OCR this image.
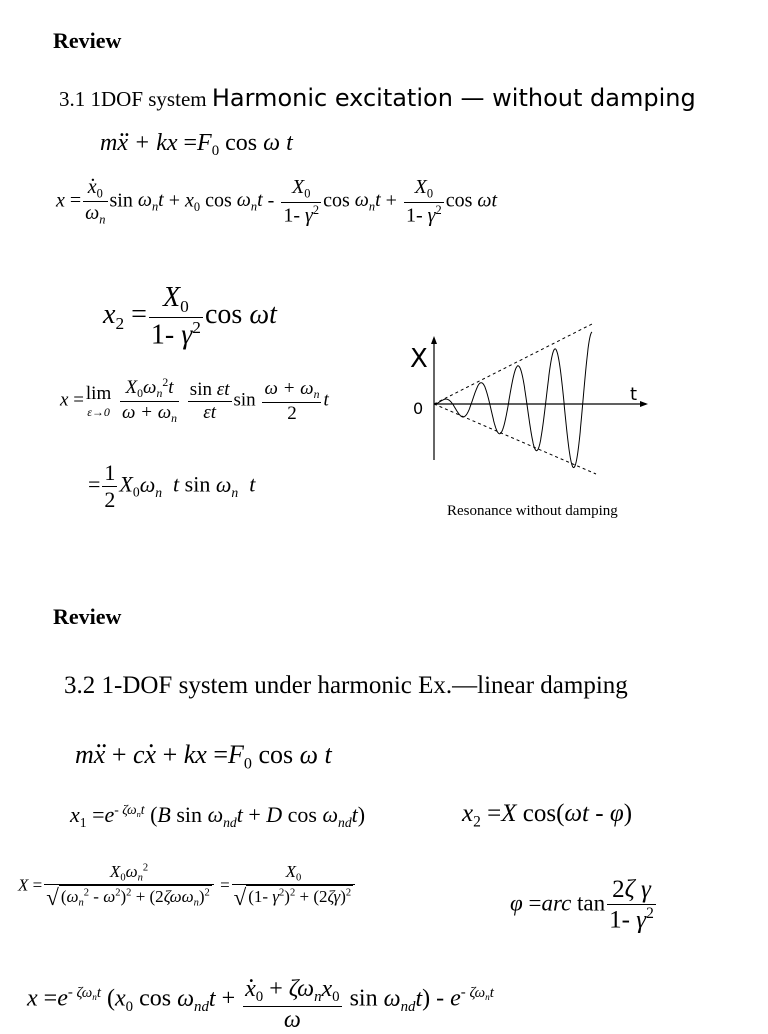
Review
3.1 1DOF system Harmonic excitation — without damping
m.. x + kx $=F_0$ cos ω t
x = . $\frac{x_0}{\omega_n}$ $\sin \omega_nt + x_0$ $\cos \omega_nt - \frac{X_0}{1- \gamma^2}$ $\cos \omega_nt + \frac{X_0}{1- \gamma^2}$ cos ωt
$x_2 = \frac{X_0}{1- \gamma^2}$ cos ωt
x = lim
ε→0
$\frac{X_0\omega_n^2t}{\omega + \omega_n}$
$\frac{\text{sin εt}}{\varepsilon t}$ $\sin \frac{\omega + \omega_n}{2}$ t
= $\frac{1}{2} X_0\omega_n$ t $\sin \omega_n$ t
X
t
0
Resonance without damping
Review
3.2 1-DOF system under harmonic Ex.—linear damping
m.. x + c. x + kx $=F_0$ cos ω t
$x_1 =e^{- \zeta\omega_nt}$ (B $\sin \omega_{nd}t + D$ $\cos \omega_{nd}t$)	$x_2 =X$ cos(ωt - φ)
$X = \frac{X_0\omega_n^2}{√ (\omega_n^2 - \omega^2)^2 + (2\zeta\omega\omega_n)^2} = \frac{X_0}{√ (1- \gamma^2)^2 + (2\zeta\gamma)^2}$	φ =arc $\tan \frac{\text{2ζ γ}}{1- \gamma^2}$
$x =e^{- \zeta\omega_nt}$ ($x_0$ $\cos \omega_{nd}t$ + . $\frac{x_0 + \zeta\omega_nx_0}{\omega}$ $\sin \omega_{nd}t) - e^{- \zeta\omega_nt}$
